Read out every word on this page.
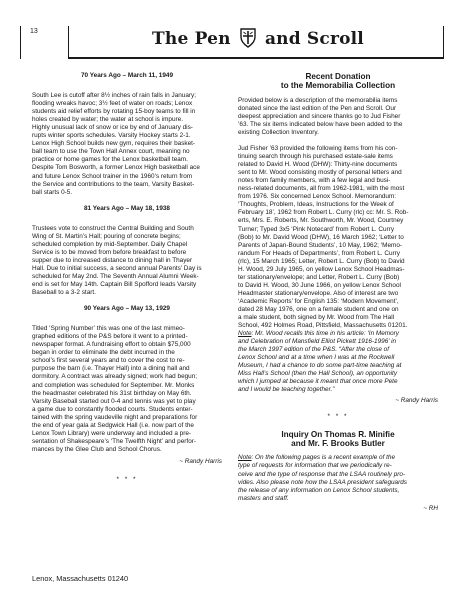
13	The Pen and Scroll

70 Years Ago – March 11, 1949

South Lee is cutoff after 8½ inches of rain falls in January;

flooding wreaks havoc; 3½ feet of water on roads; Lenox

students aid relief efforts by rotating 15-boy teams to fill in

holes created by water; the water at school is impure.

Highly unusual lack of snow or ice by end of January dis-

rupts winter sports schedules. Varsity Hockey starts 2-1.

Lenox High School builds new gym, requires their basket-

ball team to use the Town Hall Annex court, meaning no

practice or home games for the Lenox basketball team.

Despite Tom Bosworth, a former Lenox High basketball ace

and future Lenox School trainer in the 1960’s return from

the Service and contributions to the team, Varsity Basket-

ball starts 0-5.

81 Years Ago – May 18, 1938

Trustees vote to construct the Central Building and South

Wing of St. Martin’s Hall; pouring of concrete begins;

scheduled completion by mid-September. Daily Chapel

Service is to be moved from before breakfast to before

supper due to increased distance to dining hall in Thayer

Hall. Due to initial success, a second annual Parents’ Day is

scheduled for May 2nd. The Seventh Annual Alumni Week-

end is set for May 14th. Captain Bill Spofford leads Varsity

Baseball to a 3-2 start.

90 Years Ago – May 13, 1929

Titled ‘Spring Number’ this was one of the last mimeo-

graphed editions of the P&S before it went to a printed-

newspaper format. A fundraising effort to obtain $75,000

began in order to eliminate the debt incurred in the

school’s first several years and to cover the cost to re-

purpose the barn (i.e. Thayer Hall) into a dining hall and

dormitory. A contract was already signed; work had begun;

and completion was scheduled for September. Mr. Monks

the headmaster celebrated his 31st birthday on May 6th.

Varsity Baseball started out 0-4 and tennis was yet to play

a game due to constantly flooded courts. Students enter-

tained with the spring vaudeville night and preparations for

the end of year gala at Sedgwick Hall (i.e. now part of the

Lenox Town Library) were underway and included a pre-

sentation of Shakespeare’s ‘The Twelfth Night’ and perfor-

mances by the Glee Club and School Chorus.

~ Randy Harris

* * *

Recent Donation

to the Memorabilia Collection

Provided below is a description of the memorabilia items

donated since the last edition of the Pen and Scroll. Our

deepest appreciation and sincere thanks go to Jud Fisher

’63. The six items indicated below have been added to the

existing Collection Inventory.

Jud Fisher ’63 provided the following items from his con-

tinuing search through his purchased estate-sale items

related to David H. Wood (DHW): Thirty-nine documents

sent to Mr. Wood consisting mostly of personal letters and

notes from family members, with a few legal and busi-

ness-related documents, all from 1962-1981, with the most

from 1976. Six concerned Lenox School. Memorandum:

‘Thoughts, Problem, Ideas, Instructions for the Week of

February 18’, 1962 from Robert L. Curry (rlc) cc: Mr. S. Rob-

erts, Mrs. E. Roberts, Mr. Southworth, Mr. Wood, Courtney

Turner; Typed 3x5 ‘Pink Notecard’ from Robert L. Curry

(Bob) to Mr. David Wood (DHW), 16 March 1962; ‘Letter to

Parents of Japan-Bound Students’, 10 May, 1962; ‘Memo-

randum For Heads of Departments’, from Robert L. Curry

(rlc), 15 March 1965; Letter, Robert L. Curry (Bob) to David

H. Wood, 29 July 1965, on yellow Lenox School Headmas-

ter stationary/envelope; and Letter, Robert L. Curry (Bob)

to David H. Wood, 30 June 1966, on yellow Lenox School

Headmaster stationary/envelope. Also of interest are two

‘Academic Reports’ for English 135: ‘Modern Movement’,

dated 28 May 1976, one on a female student and one on

a male student, both signed by Mr. Wood from The Hall

School, 492 Holmes Road, Pittsfield, Massachusetts 01201.

Note: Mr. Wood recalls this time in his article: ‘In Memory

and Celebration of Mansfield Elliot Pickett 1916-1996’ in

the March 1997 edition of the P&S. “After the close of

Lenox School and at a time when I was at the Rockwell

Museum, I had a chance to do some part-time teaching at

Miss Hall’s School (then the Hall School), an opportunity

which I jumped at because it meant that once more Pete

and I would be teaching together.”

~ Randy Harris

* * *

Inquiry On Thomas R. Minifie

and Mr. F. Brooks Butler

Note: On the following pages is a recent example of the

type of requests for information that we periodically re-

ceive and the type of response that the LSAA routinely pro-

vides. Also please note how the LSAA president safeguards

the release of any information on Lenox School students,

masters and staff.

~ RH

Lenox, Massachusetts 01240
